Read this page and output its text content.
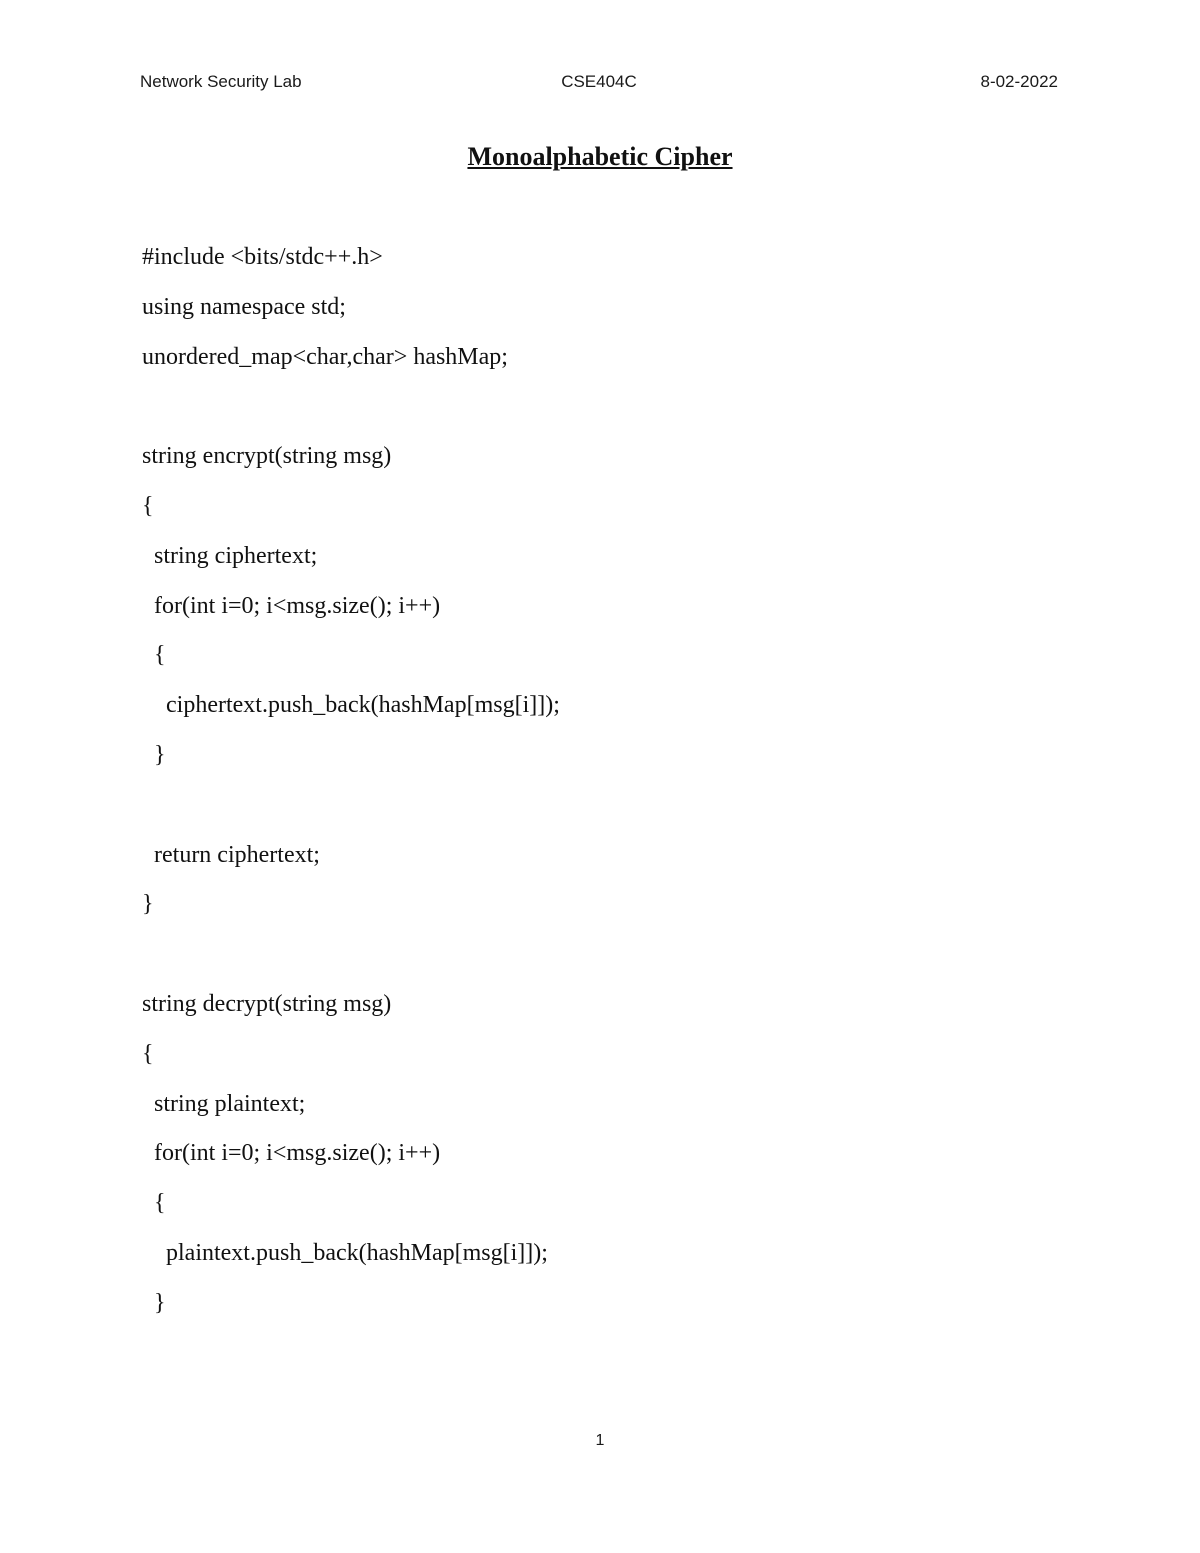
Network Security Lab	CSE404C	8-02-2022
Monoalphabetic Cipher
#include <bits/stdc++.h>
using namespace std;
unordered_map<char,char> hashMap;
string encrypt(string msg)
{
string ciphertext;
for(int i=0; i<msg.size(); i++)
{
ciphertext.push_back(hashMap[msg[i]]);
}
return ciphertext;
}
string decrypt(string msg)
{
string plaintext;
for(int i=0; i<msg.size(); i++)
{
plaintext.push_back(hashMap[msg[i]]);
}
1
